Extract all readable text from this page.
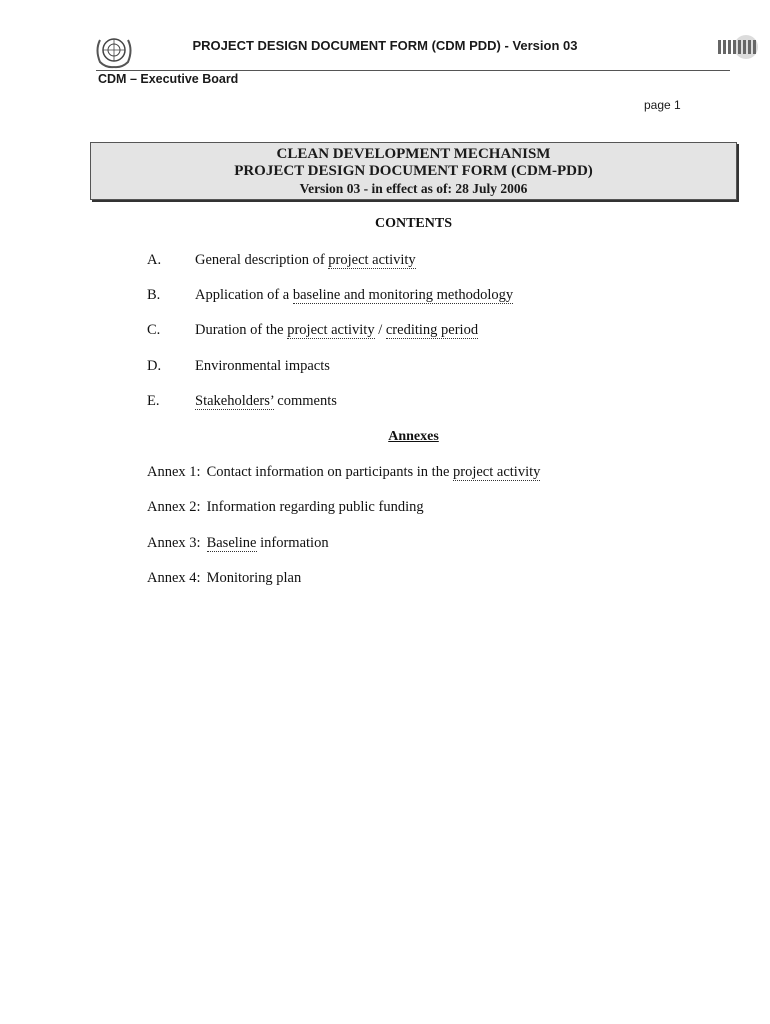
PROJECT DESIGN DOCUMENT FORM (CDM PDD) - Version 03
CDM – Executive Board
page 1
CLEAN DEVELOPMENT MECHANISM
PROJECT DESIGN DOCUMENT FORM (CDM-PDD)
Version 03 - in effect as of: 28 July 2006
CONTENTS
A. General description of project activity
B. Application of a baseline and monitoring methodology
C. Duration of the project activity / crediting period
D. Environmental impacts
E. Stakeholders’ comments
Annexes
Annex 1: Contact information on participants in the project activity
Annex 2: Information regarding public funding
Annex 3: Baseline information
Annex 4: Monitoring plan
